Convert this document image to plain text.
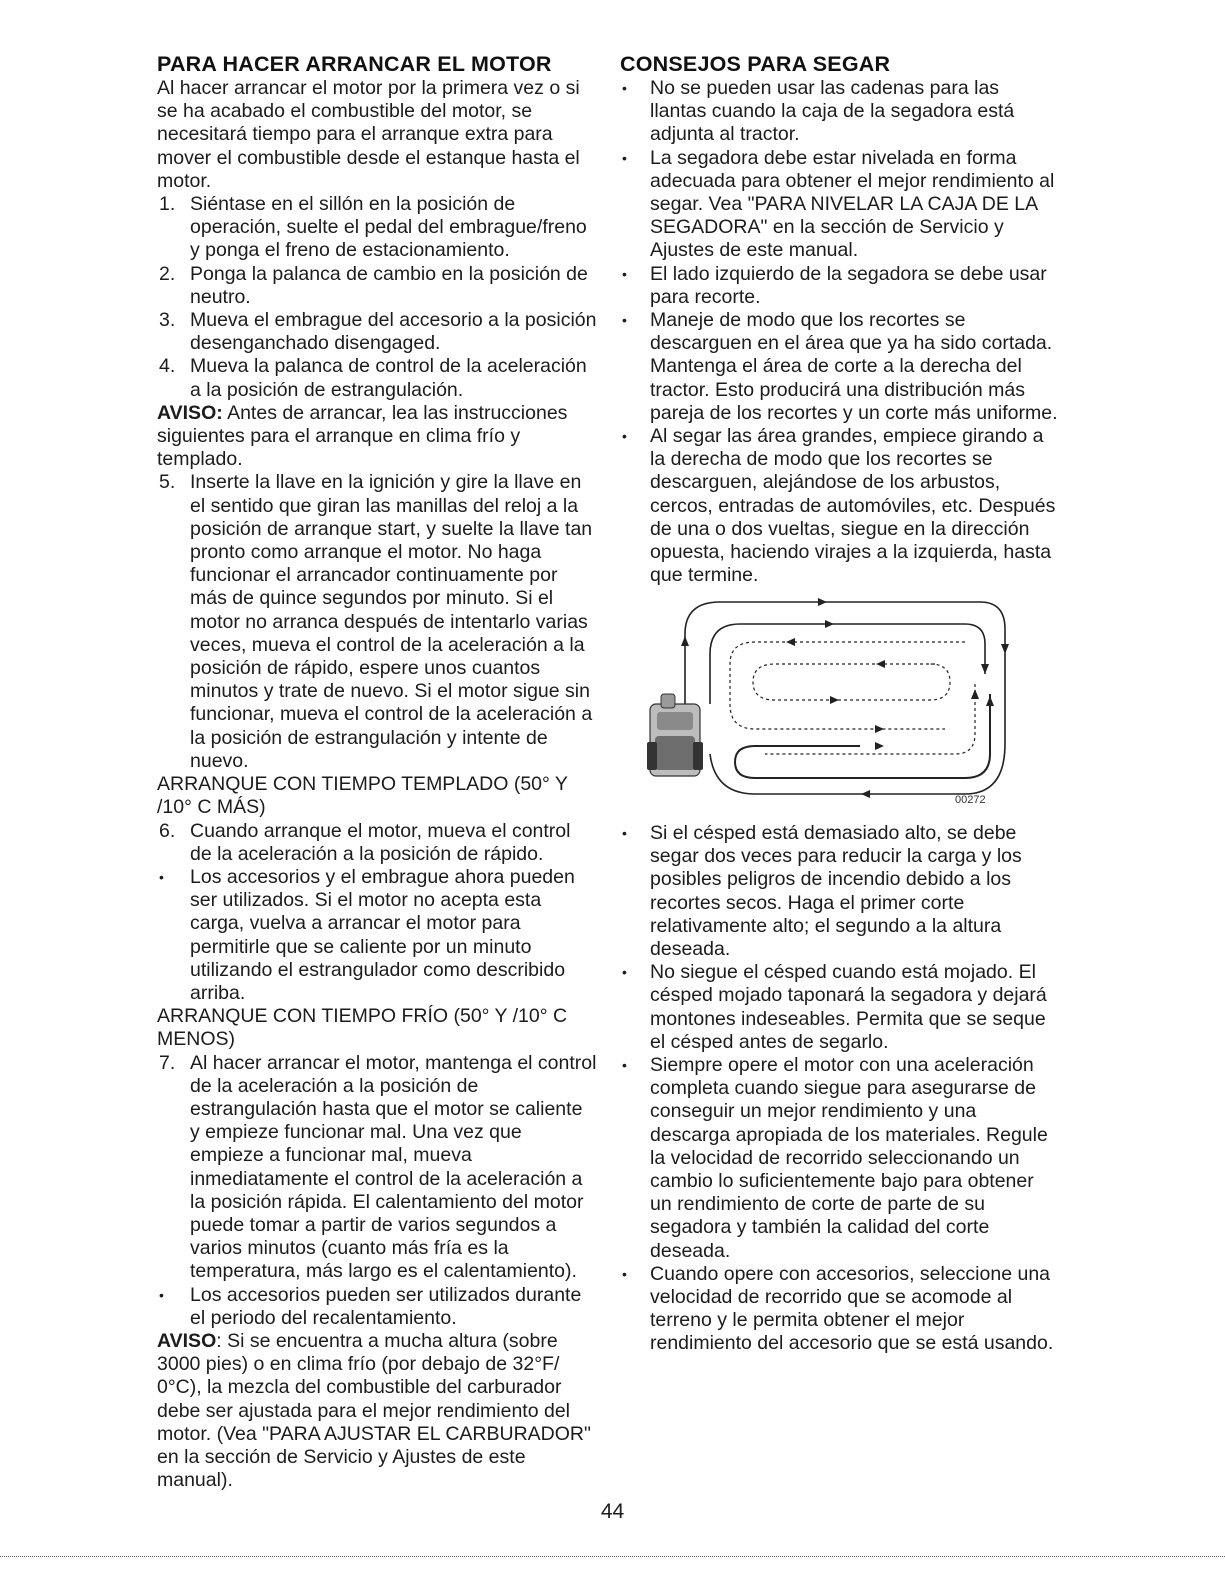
PARA HACER ARRANCAR EL MOTOR

Al hacer arrancar el motor por la primera vez o si se ha acabado el combustible del motor, se necesitará tiempo para el arranque extra para mover el combustible desde el estanque hasta el motor.

1. Siéntase en el sillón en la posición de operación, suelte el pedal del embrague/freno y ponga el freno de estacionamiento.
2. Ponga la palanca de cambio en la posición de neutro.
3. Mueva el embrague del accesorio a la posición desenganchado disengaged.
4. Mueva la palanca de control de la aceleración a la posición de estrangulación.

AVISO: Antes de arrancar, lea las instrucciones siguientes para el arranque en clima frío y templado.

5. Inserte la llave en la ignición y gire la llave en el sentido que giran las manillas del reloj a la posición de arranque start, y suelte la llave tan pronto como arranque el motor. No haga funcionar el arrancador continuamente por más de quince segundos por minuto. Si el motor no arranca después de intentarlo varias veces, mueva el control de la aceleración a la posición de rápido, espere unos cuantos minutos y trate de nuevo. Si el motor sigue sin funcionar, mueva el control de la aceleración a la posición de estrangulación y intente de nuevo.

ARRANQUE CON TIEMPO TEMPLADO (50° Y /10° C MÁS)

6. Cuando arranque el motor, mueva el control de la aceleración a la posición de rápido.
• Los accesorios y el embrague ahora pueden ser utilizados. Si el motor no acepta esta carga, vuelva a arrancar el motor para permitirle que se caliente por un minuto utilizando el estrangulador como describido arriba.

ARRANQUE CON TIEMPO FRÍO (50° Y /10° C MENOS)

7. Al hacer arrancar el motor, mantenga el control de la aceleración a la posición de estrangulación hasta que el motor se caliente y empieze funcionar mal. Una vez que empieze a funcionar mal, mueva inmediatamente el control de la aceleración a la posición rápida. El calentamiento del motor puede tomar a partir de varios segundos a varios minutos (cuanto más fría es la temperatura, más largo es el calentamiento).
• Los accesorios pueden ser utilizados durante el periodo del recalentamiento.

AVISO: Si se encuentra a mucha altura (sobre 3000 pies) o en clima frío (por debajo de 32°F/ 0°C), la mezcla del combustible del carburador debe ser ajustada para el mejor rendimiento del motor. (Vea "PARA AJUSTAR EL CARBURADOR" en la sección de Servicio y Ajustes de este manual).

CONSEJOS PARA SEGAR
• No se pueden usar las cadenas para las llantas cuando la caja de la segadora está adjunta al tractor.
• La segadora debe estar nivelada en forma adecuada para obtener el mejor rendimiento al segar. Vea "PARA NIVELAR LA CAJA DE LA SEGADORA" en la sección de Servicio y Ajustes de este manual.
• El lado izquierdo de la segadora se debe usar para recorte.
• Maneje de modo que los recortes se descarguen en el área que ya ha sido cortada. Mantenga el área de corte a la derecha del tractor. Esto producirá una distribución más pareja de los recortes y un corte más uniforme.
• Al segar las área grandes, empiece girando a la derecha de modo que los recortes se descarguen, alejándose de los arbustos, cercos, entradas de automóviles, etc. Después de una o dos vueltas, siegue en la dirección opuesta, haciendo virajes a la izquierda, hasta que termine.
00272
• Si el césped está demasiado alto, se debe segar dos veces para reducir la carga y los posibles peligros de incendio debido a los recortes secos. Haga el primer corte relativamente alto; el segundo a la altura deseada.
• No siegue el césped cuando está mojado. El césped mojado taponará la segadora y dejará montones indeseables. Permita que se seque el césped antes de segarlo.
• Siempre opere el motor con una aceleración completa cuando siegue para asegurarse de conseguir un mejor rendimiento y una descarga apropiada de los materiales. Regule la velocidad de recorrido seleccionando un cambio lo suficientemente bajo para obtener un rendimiento de corte de parte de su segadora y también la calidad del corte deseada.
• Cuando opere con accesorios, seleccione una velocidad de recorrido que se acomode al terreno y le permita obtener el mejor rendimiento del accesorio que se está usando.
44
